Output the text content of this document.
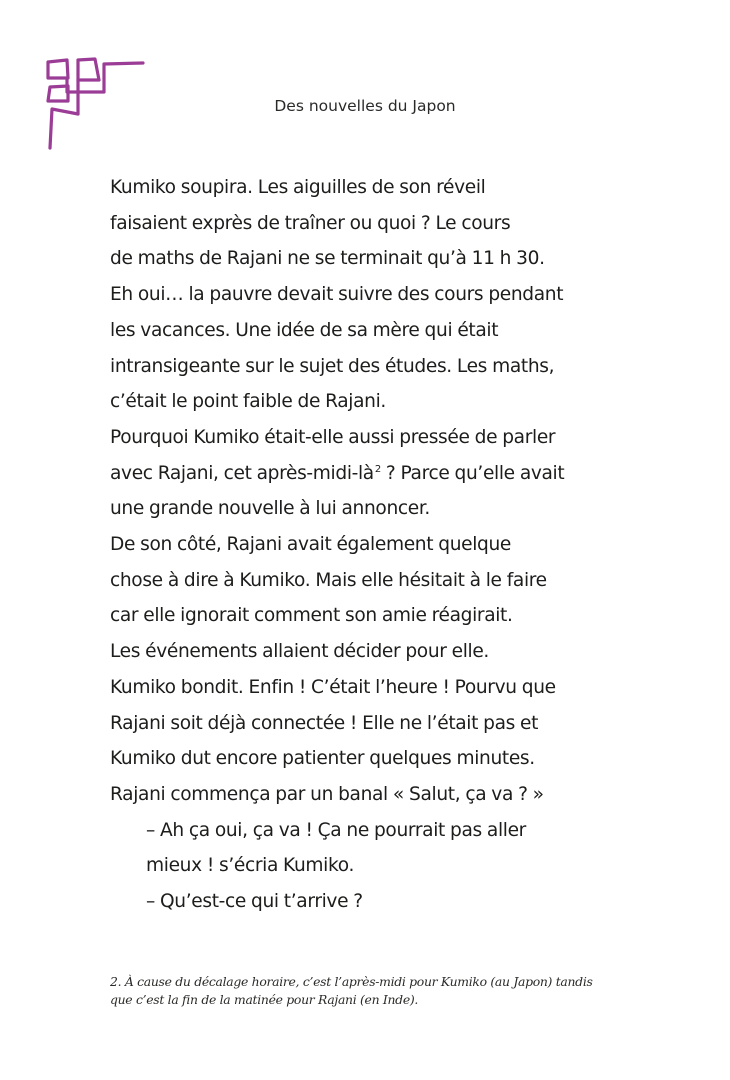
Des nouvelles du Japon
Kumiko soupira. Les aiguilles de son réveil
faisaient exprès de traîner ou quoi ? Le cours
de maths de Rajani ne se terminait qu’à 11 h 30.
Eh oui… la pauvre devait suivre des cours pendant
les vacances. Une idée de sa mère qui était
intransigeante sur le sujet des études. Les maths,
c’était le point faible de Rajani.
Pourquoi Kumiko était-elle aussi pressée de parler
avec Rajani, cet après-midi-là$^2$ ? Parce qu’elle avait
une grande nouvelle à lui annoncer.
De son côté, Rajani avait également quelque
chose à dire à Kumiko. Mais elle hésitait à le faire
car elle ignorait comment son amie réagirait.
Les événements allaient décider pour elle.
Kumiko bondit. Enfin ! C’était l’heure ! Pourvu que
Rajani soit déjà connectée ! Elle ne l’était pas et
Kumiko dut encore patienter quelques minutes.
Rajani commença par un banal « Salut, ça va ? »
– Ah ça oui, ça va ! Ça ne pourrait pas aller
mieux ! s’écria Kumiko.
– Qu’est-ce qui t’arrive ?
2. À cause du décalage horaire, c’est l’après-midi pour Kumiko (au Japon) tandis
que c’est la fin de la matinée pour Rajani (en Inde).
